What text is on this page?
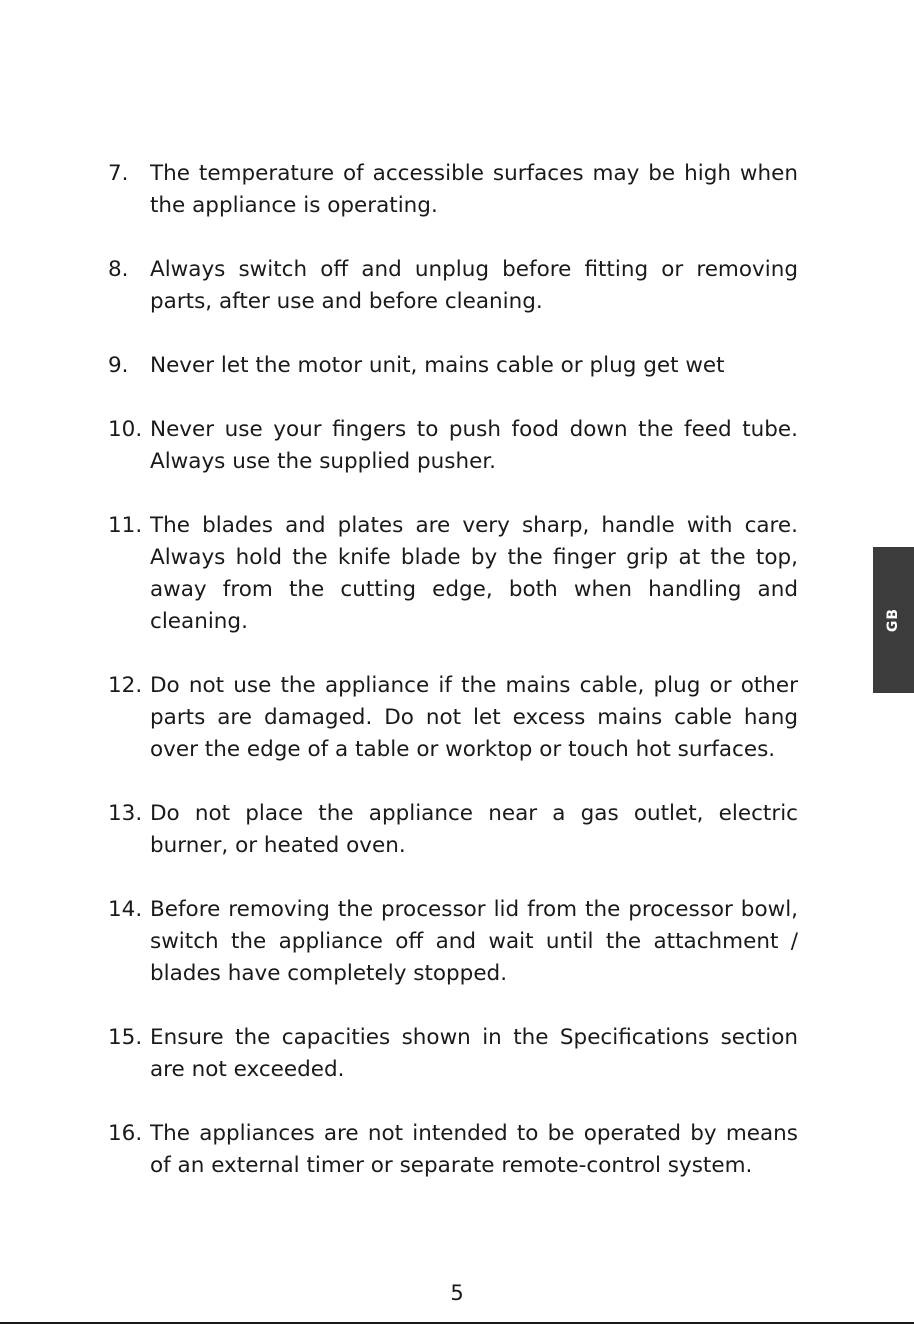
7. The temperature of accessible surfaces may be high when the appliance is operating.
8. Always switch off and unplug before fitting or removing parts, after use and before cleaning.
9. Never let the motor unit, mains cable or plug get wet
10. Never use your fingers to push food down the feed tube. Always use the supplied pusher.
11. The blades and plates are very sharp, handle with care. Always hold the knife blade by the finger grip at the top, away from the cutting edge, both when handling and cleaning.
12. Do not use the appliance if the mains cable, plug or other parts are damaged. Do not let excess mains cable hang over the edge of a table or worktop or touch hot surfaces.
13. Do not place the appliance near a gas outlet, electric burner, or heated oven.
14. Before removing the processor lid from the processor bowl, switch the appliance off and wait until the attachment / blades have completely stopped.
15. Ensure the capacities shown in the Specifications section are not exceeded.
16. The appliances are not intended to be operated by means of an external timer or separate remote-control system.
GB
5
